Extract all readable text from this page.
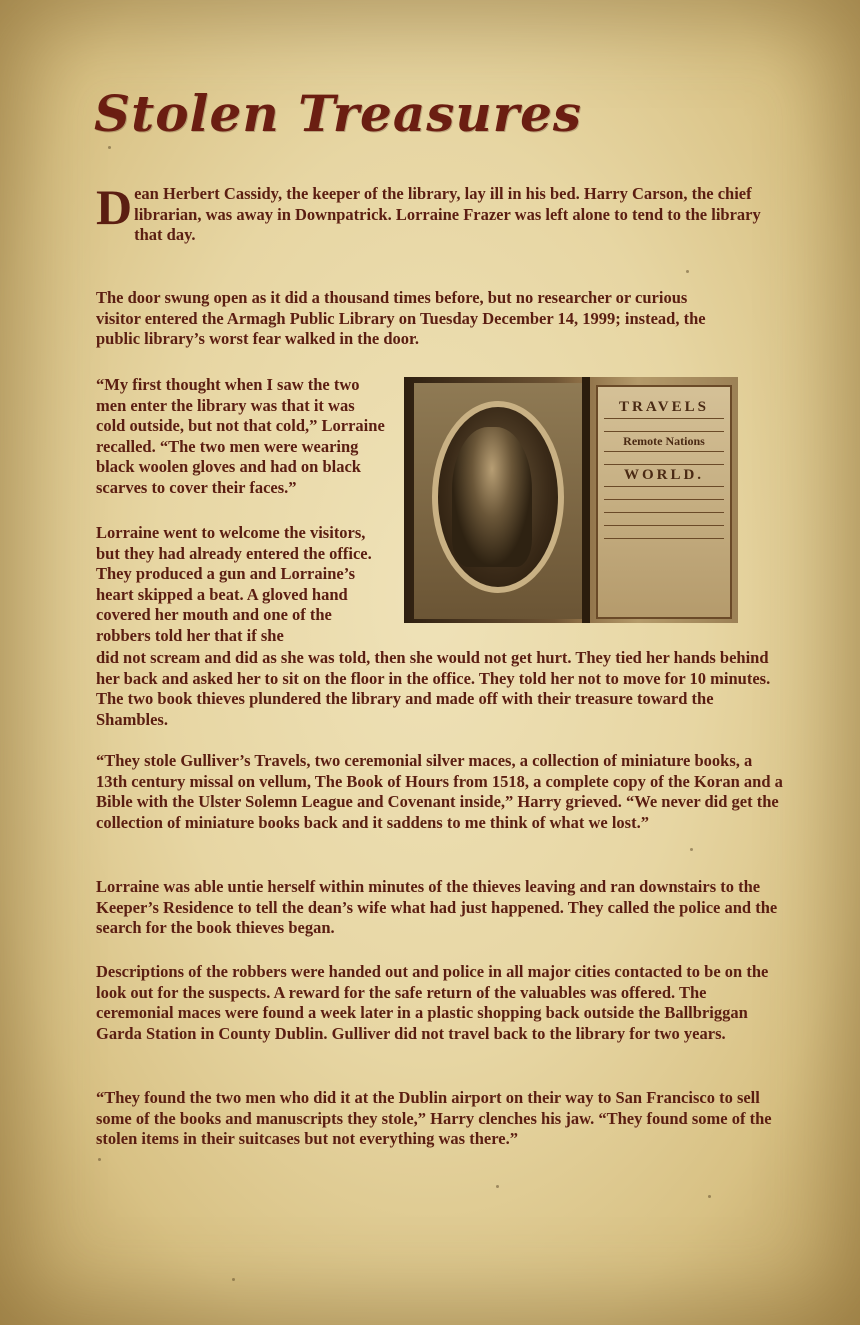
Stolen Treasures
D ean Herbert Cassidy, the keeper of the library, lay ill in his bed. Harry Carson, the chief librarian, was away in Downpatrick. Lorraine Frazer was left alone to tend to the library that day.

The door swung open as it did a thousand times before, but no researcher or curious visitor entered the Armagh Public Library on Tuesday December 14, 1999; instead, the public library’s worst fear walked in the door.

“My first thought when I saw the two men enter the library was that it was cold outside, but not that cold,” Lorraine recalled. “The two men were wearing black woolen gloves and had on black scarves to cover their faces.”

Lorraine went to welcome the visitors, but they had already entered the office. They produced a gun and Lorraine’s heart skipped a beat. A gloved hand covered her mouth and one of the robbers told her that if she

did not scream and did as she was told, then she would not get hurt. They tied her hands behind her back and asked her to sit on the floor in the office. They told her not to move for 10 minutes. The two book thieves plundered the library and made off with their treasure toward the Shambles.

“They stole Gulliver’s Travels, two ceremonial silver maces, a collection of miniature books, a 13th century missal on vellum, The Book of Hours from 1518, a complete copy of the Koran and a Bible with the Ulster Solemn League and Covenant inside,” Harry grieved. “We never did get the collection of miniature books back and it saddens to me think of what we lost.”

Lorraine was able untie herself within minutes of the thieves leaving and ran downstairs to the Keeper’s Residence to tell the dean’s wife what had just happened. They called the police and the search for the book thieves began.

Descriptions of the robbers were handed out and police in all major cities contacted to be on the look out for the suspects. A reward for the safe return of the valuables was offered. The ceremonial maces were found a week later in a plastic shopping back outside the Ballbriggan Garda Station in County Dublin. Gulliver did not travel back to the library for two years.

“They found the two men who did it at the Dublin airport on their way to San Francisco to sell some of the books and manuscripts they stole,” Harry clenches his jaw. “They found some of the stolen items in their suitcases but not everything was there.”

TRAVELS

Remote Nations

WORLD.
